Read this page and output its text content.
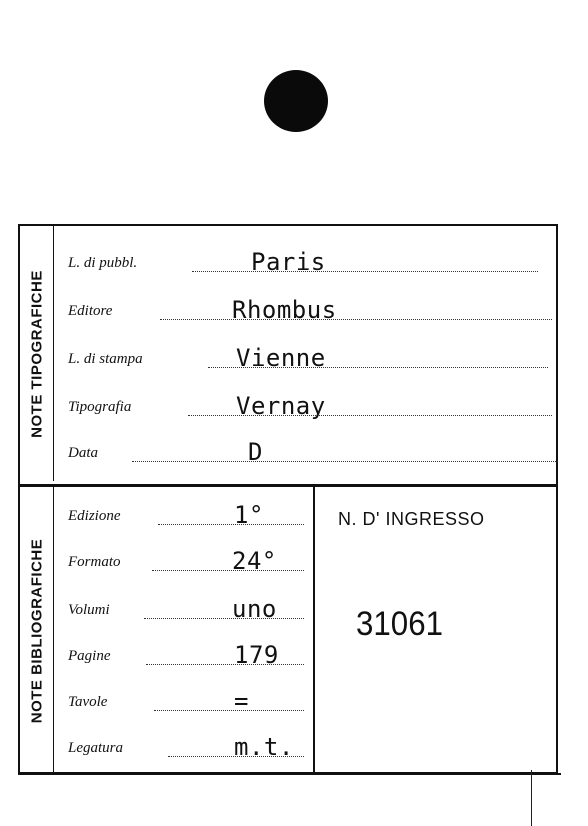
NOTE TIPOGRAFICHE
L. di pubbl.	Paris
Editore	Rhombus
L. di stampa	Vienne
Tipografia	Vernay
Data	D
NOTE BIBLIOGRAFICHE
Edizione	1°
Formato	24°
Volumi	uno
Pagine	179
Tavole	=
Legatura	m.t.
N. D' INGRESSO
31061
